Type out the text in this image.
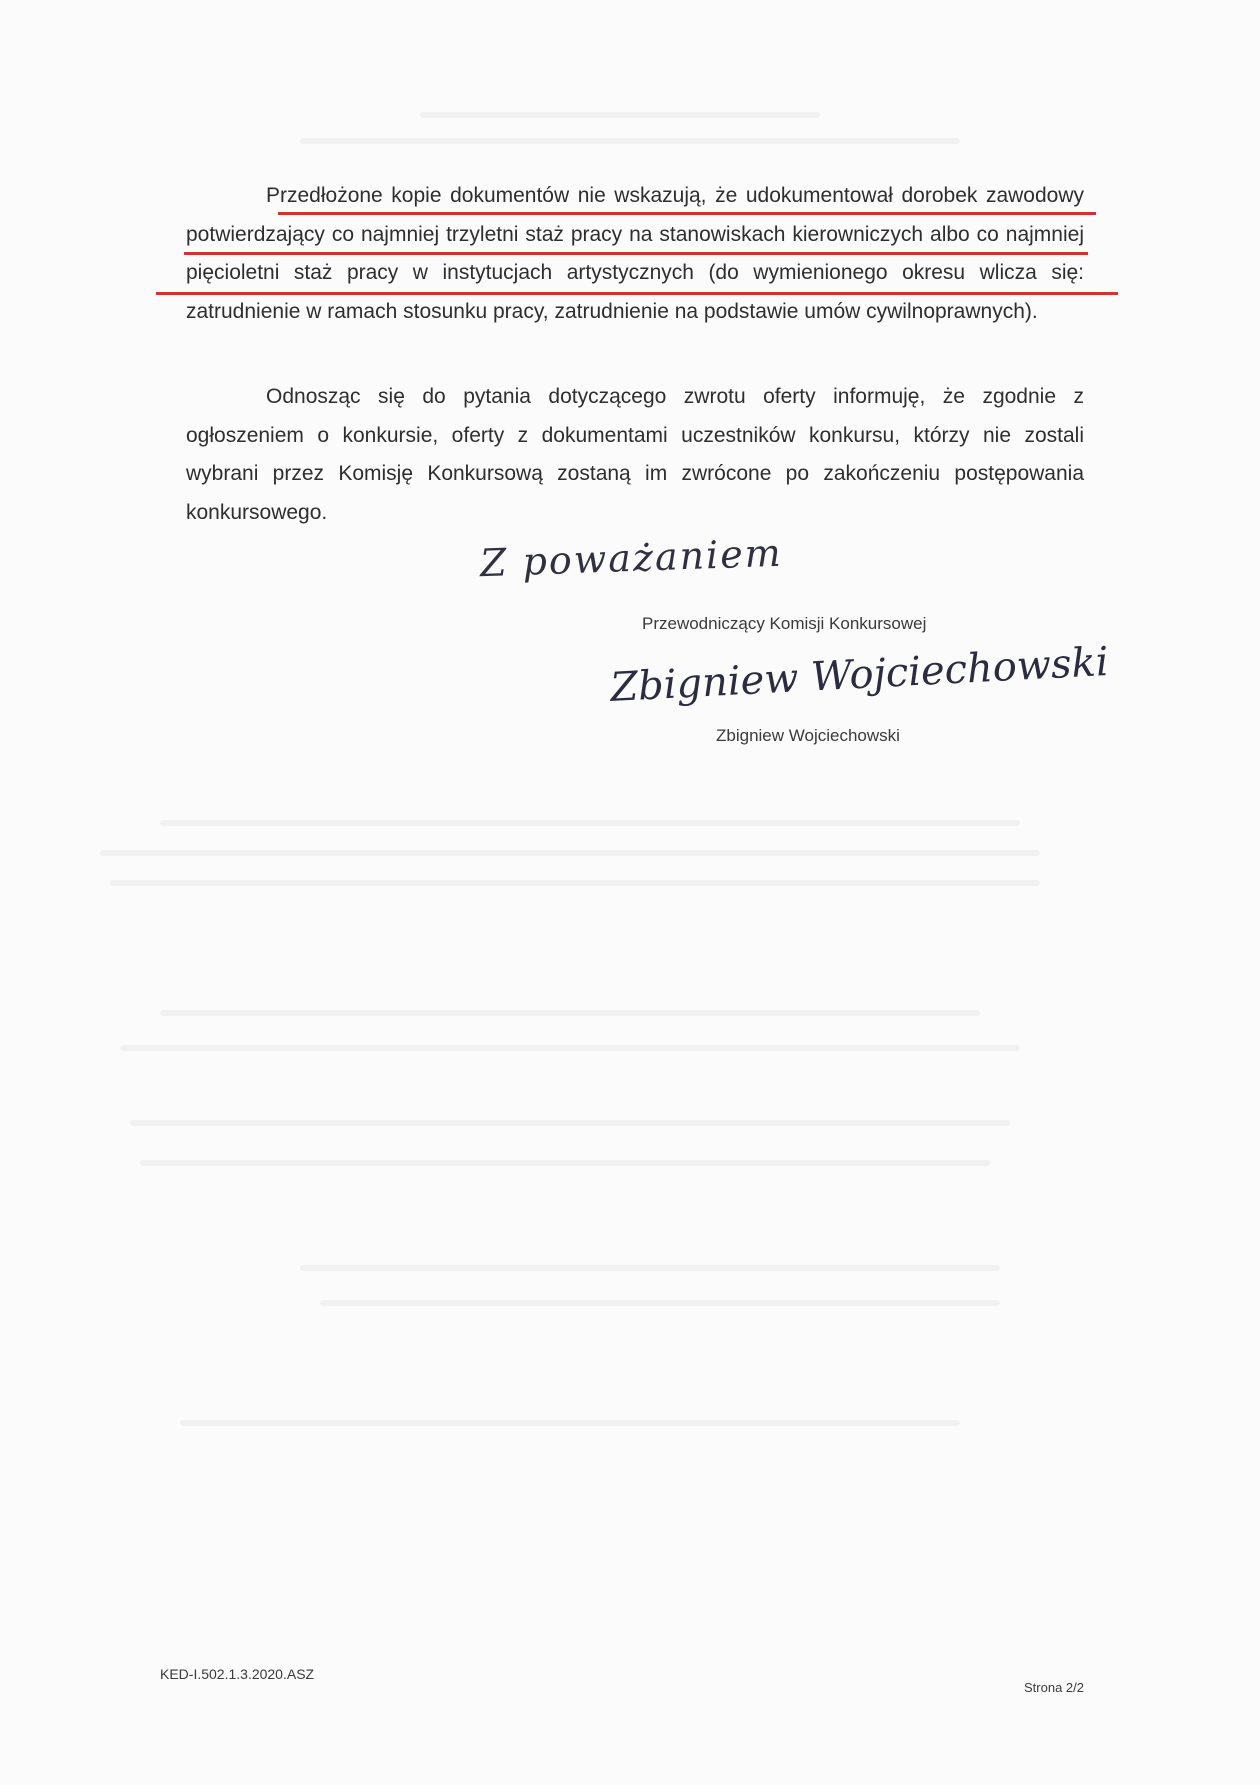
Przedłożone kopie dokumentów nie wskazują, że udokumentował dorobek zawodowy potwierdzający co najmniej trzyletni staż pracy na stanowiskach kierowniczych albo co najmniej pięcioletni staż pracy w instytucjach artystycznych (do wymienionego okresu wlicza się: zatrudnienie w ramach stosunku pracy, zatrudnienie na podstawie umów cywilnoprawnych).

Odnosząc się do pytania dotyczącego zwrotu oferty informuję, że zgodnie z ogłoszeniem o konkursie, oferty z dokumentami uczestników konkursu, którzy nie zostali wybrani przez Komisję Konkursową zostaną im zwrócone po zakończeniu postępowania konkursowego.

Z poważaniem
Przewodniczący Komisji Konkursowej
Zbigniew Wojciechowski
Zbigniew Wojciechowski
KED-I.502.1.3.2020.ASZ
Strona 2/2
